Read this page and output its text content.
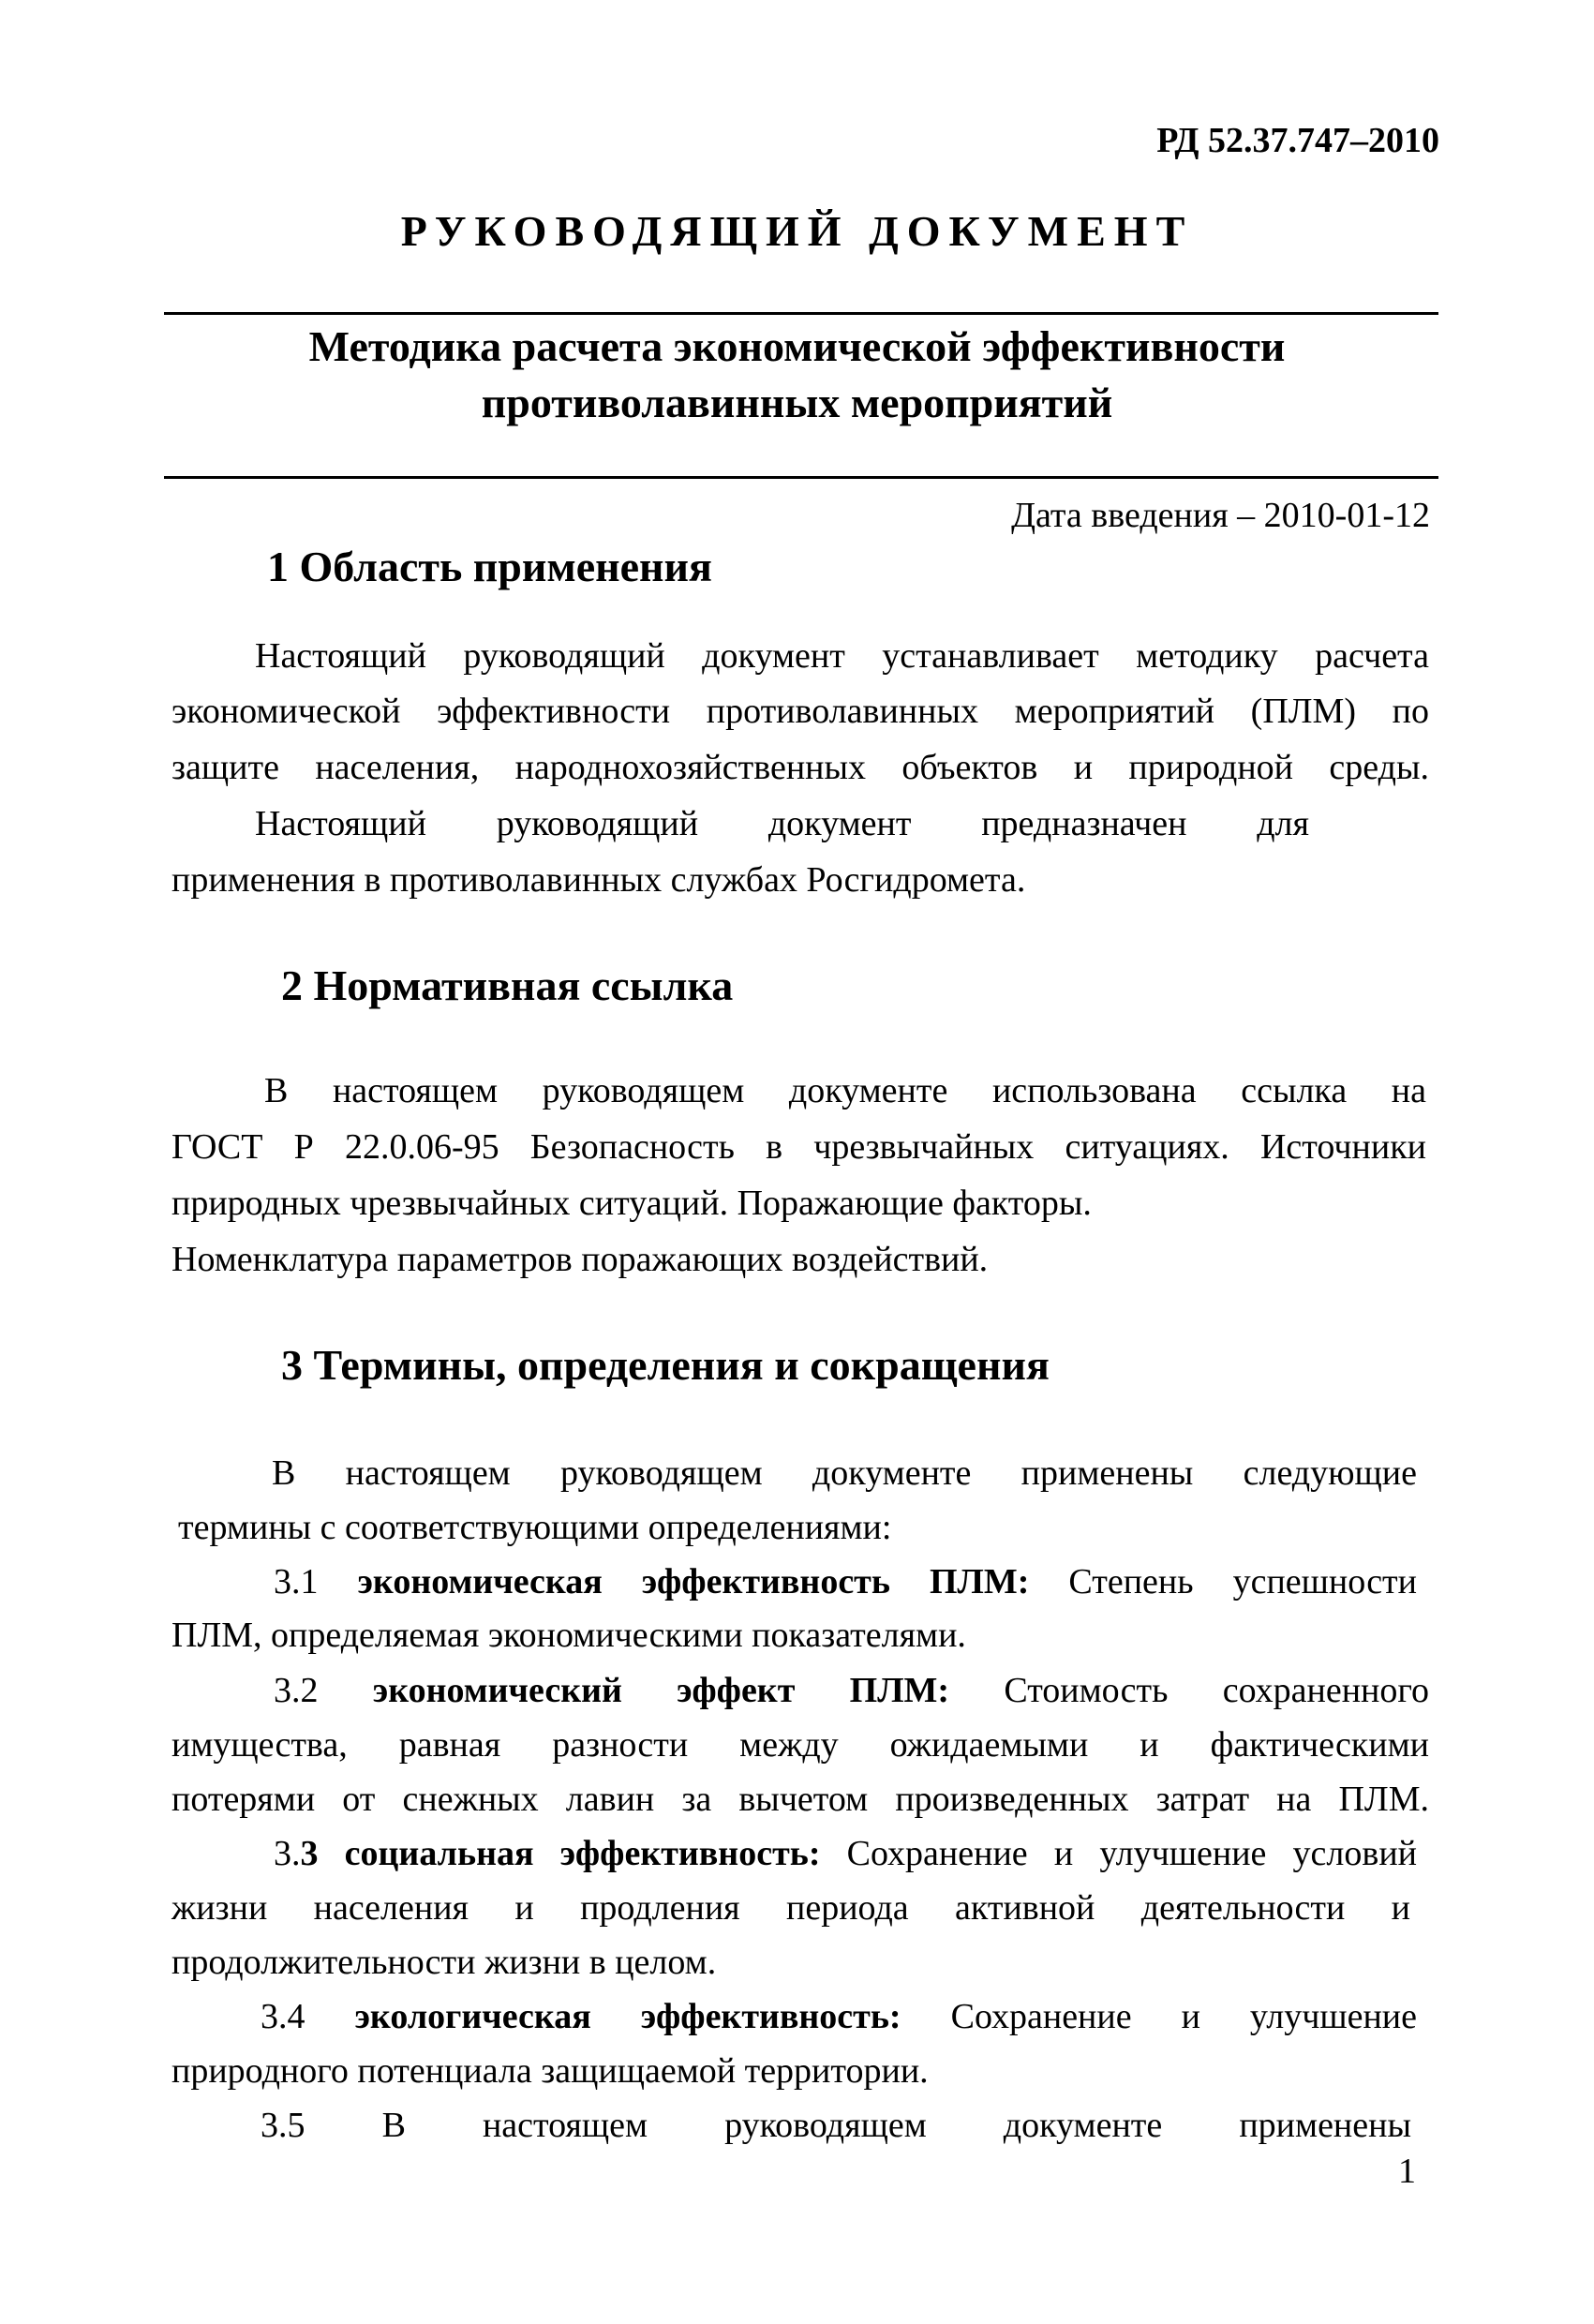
РД 52.37.747–2010
РУКОВОДЯЩИЙ ДОКУМЕНТ
Методика расчета экономической эффективности
противолавинных мероприятий
Дата введения – 2010-01-12
1 Область применения
Настоящий руководящий документ устанавливает методику расчета
экономической эффективности противолавинных мероприятий (ПЛМ) по
защите населения, народнохозяйственных объектов и природной среды.
Настоящий руководящий документ предназначен для
применения в противолавинных службах Росгидромета.
2 Нормативная ссылка
В настоящем руководящем документе использована ссылка на
ГОСТ Р 22.0.06-95 Безопасность в чрезвычайных ситуациях. Источники
природных чрезвычайных ситуаций. Поражающие факторы.
Номенклатура параметров поражающих воздействий.
3 Термины, определения и сокращения
В настоящем руководящем документе применены следующие
термины с соответствующими определениями:
3.1 экономическая эффективность ПЛМ: Степень успешности
ПЛМ, определяемая экономическими показателями.
3.2 экономический эффект ПЛМ: Стоимость сохраненного
имущества, равная разности между ожидаемыми и фактическими
потерями от снежных лавин за вычетом произведенных затрат на ПЛМ.
3.3 социальная эффективность: Сохранение и улучшение условий
жизни населения и продления периода активной деятельности и
продолжительности жизни в целом.
3.4 экологическая эффективность: Сохранение и улучшение
природного потенциала защищаемой территории.
3.5 В настоящем руководящем документе применены
1
